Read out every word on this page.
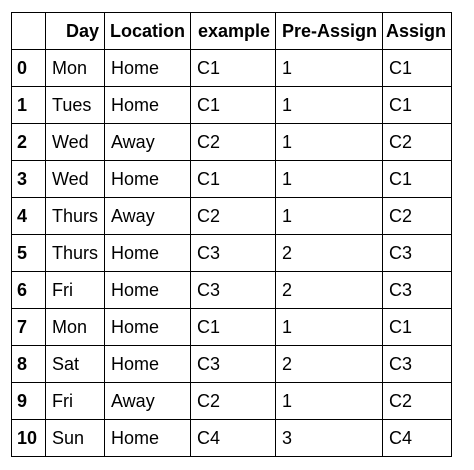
	Day	Location	example	Pre-Assign	Assign
0	Mon	Home	C1	1	C1
1	Tues	Home	C1	1	C1
2	Wed	Away	C2	1	C2
3	Wed	Home	C1	1	C1
4	Thurs	Away	C2	1	C2
5	Thurs	Home	C3	2	C3
6	Fri	Home	C3	2	C3
7	Mon	Home	C1	1	C1
8	Sat	Home	C3	2	C3
9	Fri	Away	C2	1	C2
10	Sun	Home	C4	3	C4
